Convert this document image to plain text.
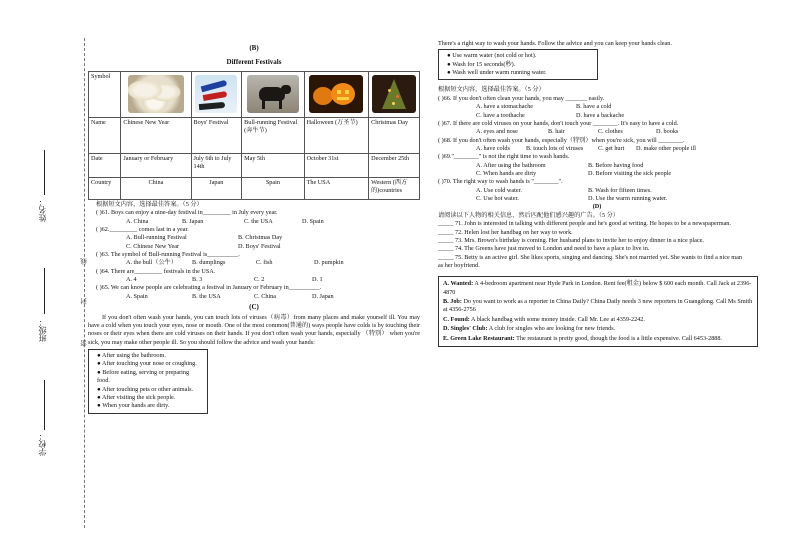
姓名：
班级：
学校：
线
封
密
(B)
Different Festivals
Symbol	

Name	Chinese New Year	Boys' Festival	Bull-running Festival (奔牛节)	Halloween (万圣节)	Christmas Day
Date	January or February	July 6th to July 14th	May 5th	October 31st	December 25th
Country	China	Japan	Spain	The USA	Western (西方的)countries
根据短文内容，选择最佳答案。（5 分）
( )61. Boys can enjoy a nine-day festival in_________ in July every year.
A. China	B. Japan	C. the USA	D. Spain
( )62._________ comes last in a year.
A. Bull-running Festival	B. Christmas Day
C. Chinese New Year	D. Boys' Festival
( )63. The symbol of Bull-running Festival is__________.
A. the bull（公牛）	B. dumplings	C. fish	D. pumpkin
( )64. There are_________ festivals in the USA.
A. 4	B. 3	C. 2	D. 1
( )65. We can know people are celebrating a festival in January or February in__________.
A. Spain	B. the USA	C. China	D. Japan
(C)

If you don't often wash your hands, you can touch lots of viruses（病毒）from many places and make yourself ill. You may have a cold when you touch your eyes, nose or mouth. One of the most common(普通的) ways people have colds is by touching their noses or their eyes when there are cold viruses on their hands. If you don't often wash your hands, especially （特别） when you're sick, you may make other people ill. So you should follow the advice and wash your hands:

● After using the bathroom.
● After touching your nose or coughing.
● Before eating, serving or preparing food.
● After touching pets or other animals.
● After visiting the sick people.
● When your hands are dirty.
There's a right way to wash your hands. Follow the advice and you can keep your hands clean.
● Use warm water (not cold or hot).
● Wash for 15 seconds(秒).
● Wash well under warm running water.
根据短文内容，选择最佳答案。（5 分）
( )66. If you don't often clean your hands, you may _______ easily.
A. have a stomachache	B. have a cold
C. have a toothache	D. have a backache
( )67. If there are cold viruses on your hands, don't touch your ________. It's easy to have a cold.
A. eyes and nose	B. hair	C. clothes	D. books
( )68. If you don't often wash your hands, especially（特别）when you're sick, you will ________.
A. have colds	B. touch lots of viruses	C. get hurt	D. make other people ill
( )69."________" is not the right time to wash hands.
A. After using the bathroom	B. Before having food
C. When hands are dirty	D. Before visiting the sick people
( )70. The right way to wash hands is "________".
A. Use cold water.	B. Wash for fifteen times.
C. Use hot water.	D. Use the warm running water.
(D)
请阅读以下人物的相关信息，然后匹配他们感兴趣的广告。（5 分）
_____ 71. John is interested in talking with different people and he's good at writing. He hopes to be a newspaperman.
_____ 72. Helen lost her handbag on her way to work.
_____ 73. Mrs. Brown's birthday is coming. Her husband plans to invite her to enjoy dinner in a nice place.
_____ 74. The Greens have just moved to London and need to have a place to live in.
_____ 75. Betty is an active girl. She likes sports, singing and dancing. She's not married yet. She wants to find a nice man as her boyfriend.
A. Wanted: A 4-bedroom apartment near Hyde Park in London. Rent fee(租金) below $ 600 each month. Call Jack at 2396-4870
B. Job: Do you want to work as a reporter in China Daily? China Daily needs 3 new reporters in Guangdong. Call Ms Smith at 4356-2756
C. Found: A black handbag with some money inside. Call Mr. Lee at 4359-2242.
D. Singles' Club: A club for singles who are looking for new friends.
E. Green Lake Restaurant: The restaurant is pretty good, though the food is a little expensive. Call 6453-2888.
